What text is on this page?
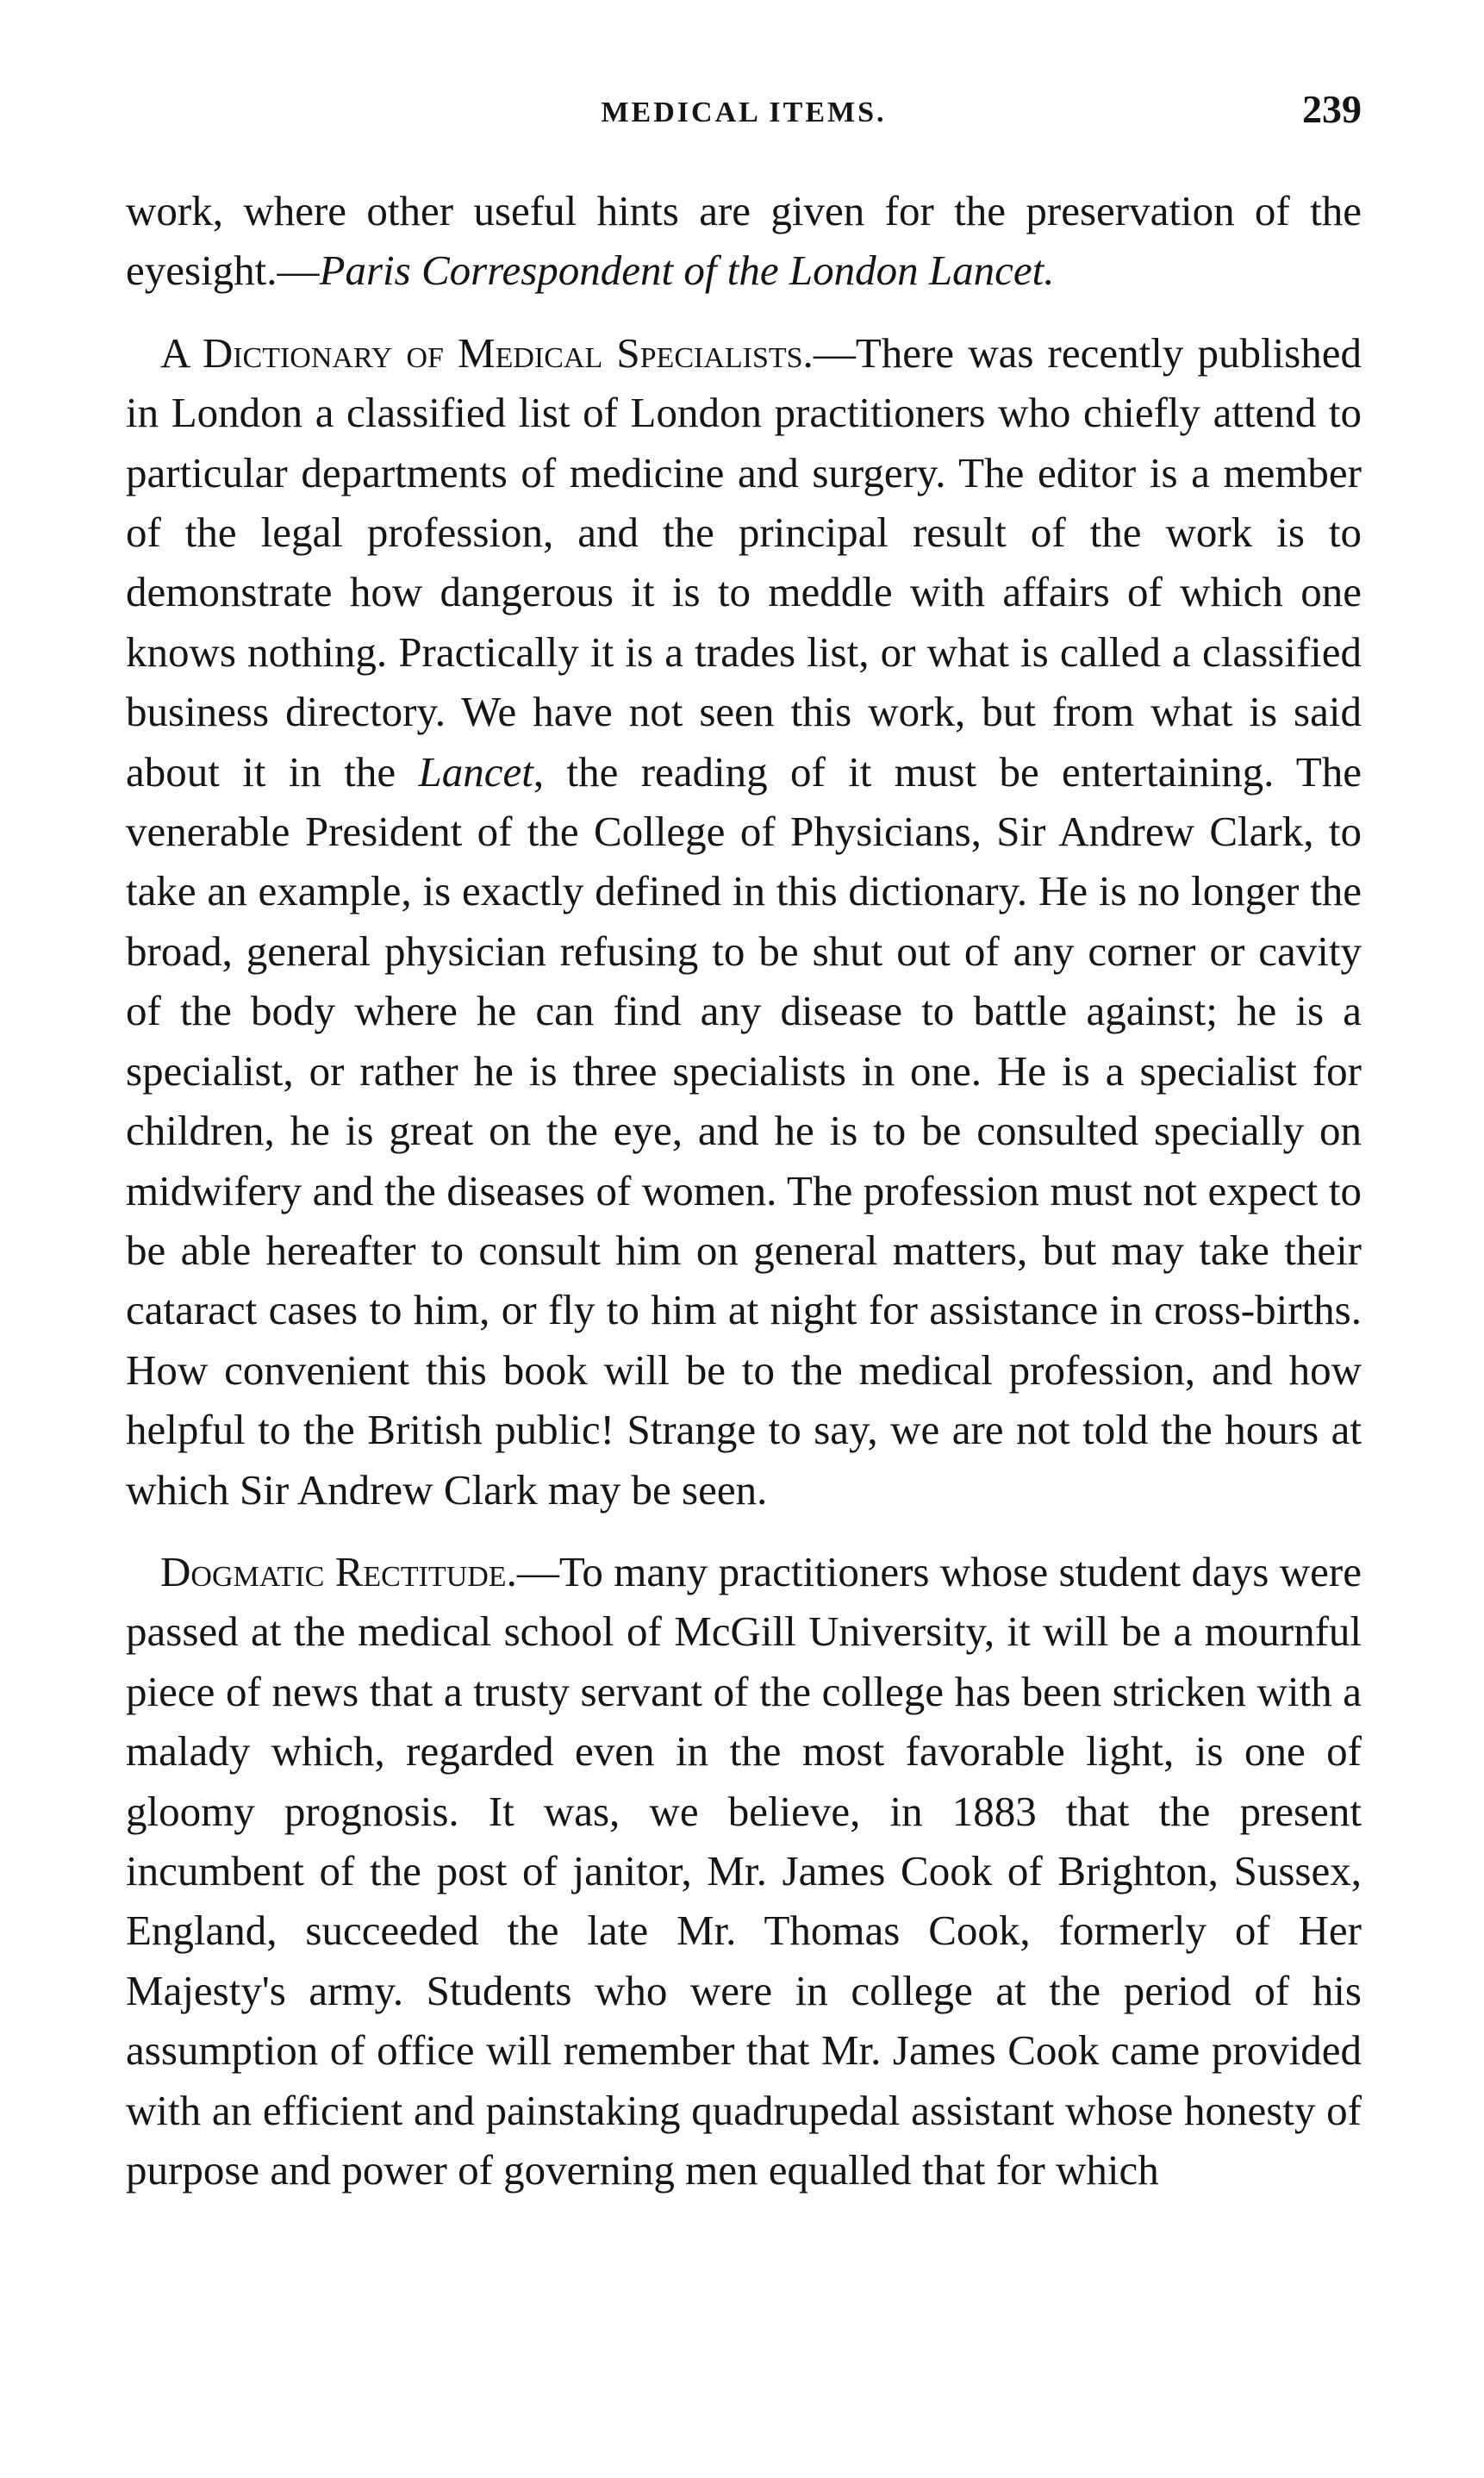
MEDICAL ITEMS.	239

work, where other useful hints are given for the preservation of the eyesight.—Paris Correspondent of the London Lancet.

A Dictionary of Medical Specialists.—There was recently published in London a classified list of London practitioners who chiefly attend to particular departments of medicine and surgery. The editor is a member of the legal profession, and the principal result of the work is to demonstrate how dangerous it is to meddle with affairs of which one knows nothing. Practically it is a trades list, or what is called a classified business directory. We have not seen this work, but from what is said about it in the Lancet, the reading of it must be entertaining. The venerable President of the College of Physicians, Sir Andrew Clark, to take an example, is exactly defined in this dictionary. He is no longer the broad, general physician refusing to be shut out of any corner or cavity of the body where he can find any disease to battle against; he is a specialist, or rather he is three specialists in one. He is a specialist for children, he is great on the eye, and he is to be consulted specially on midwifery and the diseases of women. The profession must not expect to be able hereafter to consult him on general matters, but may take their cataract cases to him, or fly to him at night for assistance in cross-births. How convenient this book will be to the medical profession, and how helpful to the British public! Strange to say, we are not told the hours at which Sir Andrew Clark may be seen.

Dogmatic Rectitude.—To many practitioners whose student days were passed at the medical school of McGill University, it will be a mournful piece of news that a trusty servant of the college has been stricken with a malady which, regarded even in the most favorable light, is one of gloomy prognosis. It was, we believe, in 1883 that the present incumbent of the post of janitor, Mr. James Cook of Brighton, Sussex, England, succeeded the late Mr. Thomas Cook, formerly of Her Majesty's army. Students who were in college at the period of his assumption of office will remember that Mr. James Cook came provided with an efficient and painstaking quadrupedal assistant whose honesty of purpose and power of governing men equalled that for which
